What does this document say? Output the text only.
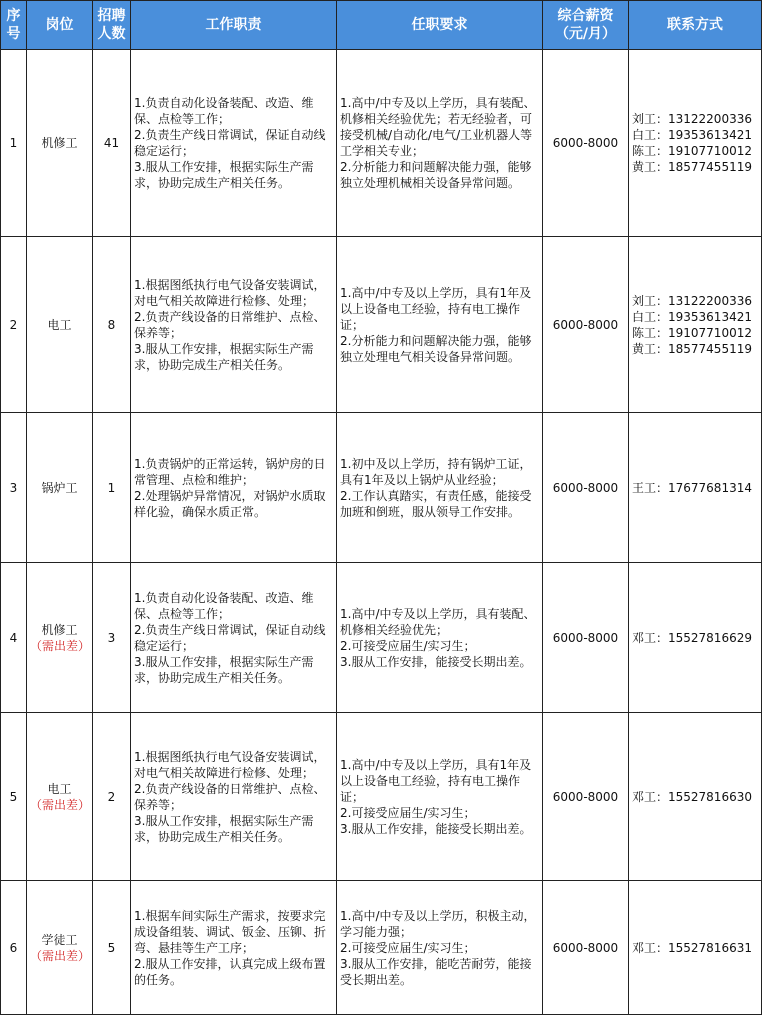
序号	岗位	招聘人数	工作职责	任职要求	综合薪资（元/月）	联系方式
1	机修工	41	1.负责自动化设备装配、改造、维保、点检等工作；
2.负责生产线日常调试，保证自动线稳定运行；
3.服从工作安排，根据实际生产需求，协助完成生产相关任务。	1.高中/中专及以上学历，具有装配、机修相关经验优先；若无经验者，可接受机械/自动化/电气/工业机器人等工学相关专业；
2.分析能力和问题解决能力强，能够独立处理机械相关设备异常问题。	6000-8000	刘工：13122200336
白工：19353613421
陈工：19107710012
黄工：18577455119
2	电工	8	1.根据图纸执行电气设备安装调试，对电气相关故障进行检修、处理；
2.负责产线设备的日常维护、点检、保养等；
3.服从工作安排，根据实际生产需求，协助完成生产相关任务。	1.高中/中专及以上学历，具有1年及以上设备电工经验，持有电工操作证；
2.分析能力和问题解决能力强，能够独立处理电气相关设备异常问题。	6000-8000	刘工：13122200336
白工：19353613421
陈工：19107710012
黄工：18577455119
3	锅炉工	1	1.负责锅炉的正常运转，锅炉房的日常管理、点检和维护；
2.处理锅炉异常情况，对锅炉水质取样化验，确保水质正常。	1.初中及以上学历，持有锅炉工证，具有1年及以上锅炉从业经验；
2.工作认真踏实，有责任感，能接受加班和倒班，服从领导工作安排。	6000-8000	王工：17677681314
4	机修工
（需出差）	3	1.负责自动化设备装配、改造、维保、点检等工作；
2.负责生产线日常调试，保证自动线稳定运行；
3.服从工作安排，根据实际生产需求，协助完成生产相关任务。	1.高中/中专及以上学历，具有装配、机修相关经验优先；
2.可接受应届生/实习生；
3.服从工作安排，能接受长期出差。	6000-8000	邓工：15527816629
5	电工
（需出差）	2	1.根据图纸执行电气设备安装调试，对电气相关故障进行检修、处理；
2.负责产线设备的日常维护、点检、保养等；
3.服从工作安排，根据实际生产需求，协助完成生产相关任务。	1.高中/中专及以上学历，具有1年及以上设备电工经验，持有电工操作证；
2.可接受应届生/实习生；
3.服从工作安排，能接受长期出差。	6000-8000	邓工：15527816630
6	学徒工
（需出差）	5	1.根据车间实际生产需求，按要求完成设备组装、调试、钣金、压铆、折弯、悬挂等生产工序；
2.服从工作安排，认真完成上级布置的任务。	1.高中/中专及以上学历，积极主动，学习能力强；
2.可接受应届生/实习生；
3.服从工作安排，能吃苦耐劳，能接受长期出差。	6000-8000	邓工：15527816631
